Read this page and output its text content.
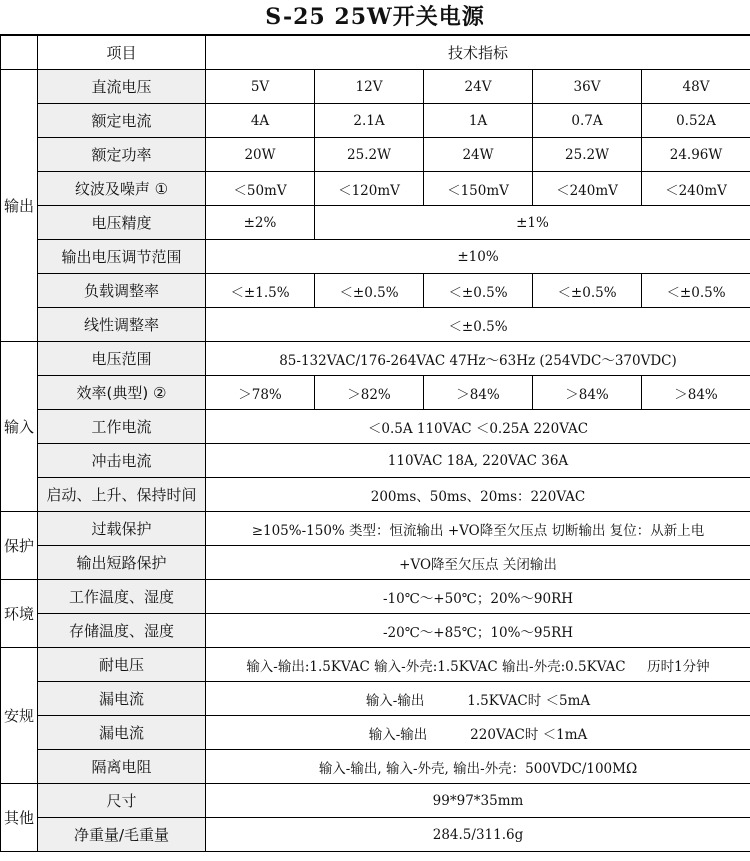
S-25 25W开关电源
	项目	技术指标				
输出	直流电压	5V	12V	24V	36V	48V
	额定电流	4A	2.1A	1A	0.7A	0.52A
	额定功率	20W	25.2W	24W	25.2W	24.96W
	纹波及噪声 ①	＜50mV	＜120mV	＜150mV	＜240mV	＜240mV
	电压精度	±2%	±1%			
	输出电压调节范围	±10%				
	负载调整率	＜±1.5%	＜±0.5%	＜±0.5%	＜±0.5%	＜±0.5%
	线性调整率	＜±0.5%				
输入	电压范围	85-132VAC/176-264VAC 47Hz～63Hz (254VDC～370VDC)				
	效率(典型) ②	＞78%	＞82%	＞84%	＞84%	＞84%
	工作电流	＜0.5A 110VAC ＜0.25A 220VAC				
	冲击电流	110VAC 18A, 220VAC 36A				
	启动、上升、保持时间	200ms、50ms、20ms：220VAC				
保护	过载保护	≥105%-150% 类型：恒流输出 +VO降至欠压点 切断输出 复位：从新上电				
	输出短路保护	+VO降至欠压点 关闭输出				
环境	工作温度、湿度	-10℃～+50℃；20%～90RH				
	存储温度、湿度	-20℃～+85℃；10%～95RH				
安规	耐电压	输入-输出:1.5KVAC 输入-外壳:1.5KVAC 输出-外壳:0.5KVAC     历时1分钟				
	漏电流	输入-输出          1.5KVAC时 ＜5mA				
	漏电流	输入-输出          220VAC时 ＜1mA				
	隔离电阻	输入-输出, 输入-外壳, 输出-外壳：500VDC/100MΩ				
其他	尺寸	99*97*35mm				
	净重量/毛重量	284.5/311.6g				
